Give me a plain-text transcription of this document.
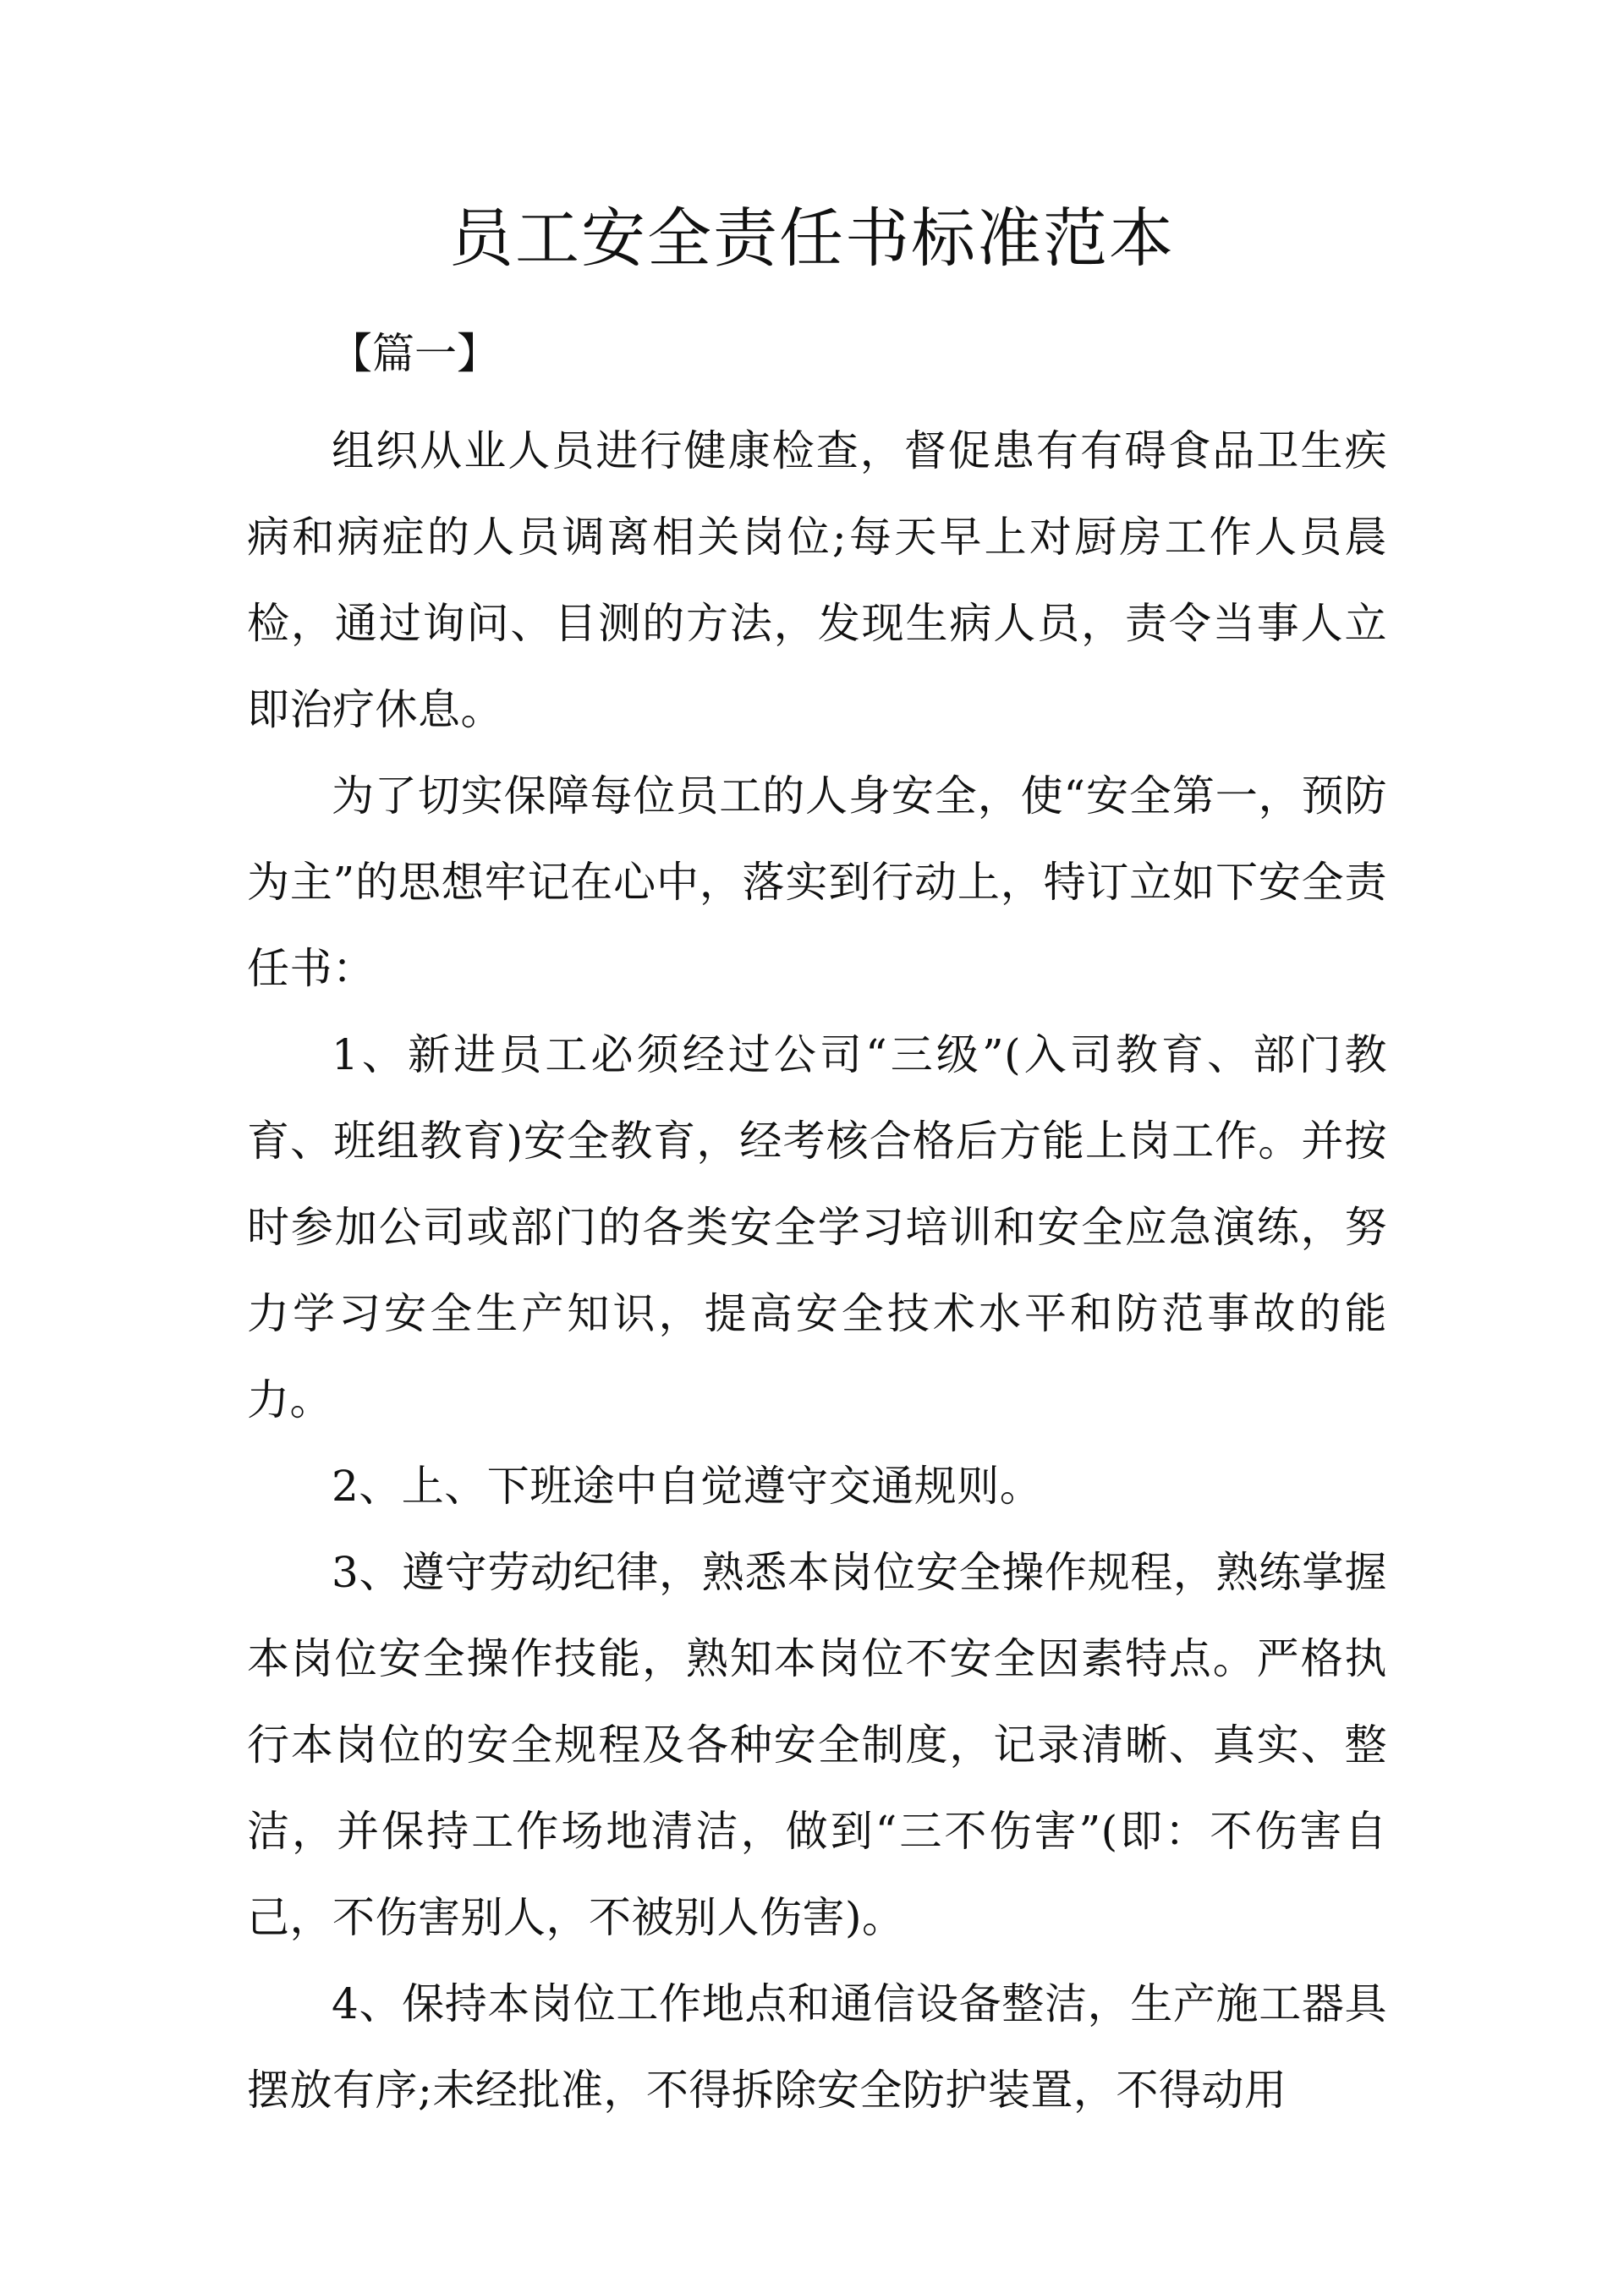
员工安全责任书标准范本
【篇一】

组织从业人员进行健康检查，督促患有有碍食品卫生疾病和病症的人员调离相关岗位;每天早上对厨房工作人员晨检，通过询问、目测的方法，发现生病人员，责令当事人立即治疗休息。

为了切实保障每位员工的人身安全，使“安全第一，预防为主”的思想牢记在心中，落实到行动上，特订立如下安全责任书：

1、新进员工必须经过公司“三级”(入司教育、部门教育、班组教育)安全教育，经考核合格后方能上岗工作。并按时参加公司或部门的各类安全学习培训和安全应急演练，努力学习安全生产知识，提高安全技术水平和防范事故的能力。

2、上、下班途中自觉遵守交通规则。

3、遵守劳动纪律，熟悉本岗位安全操作规程，熟练掌握本岗位安全操作技能，熟知本岗位不安全因素特点。严格执行本岗位的安全规程及各种安全制度，记录清晰、真实、整洁，并保持工作场地清洁，做到“三不伤害”(即：不伤害自己，不伤害别人，不被别人伤害)。

4、保持本岗位工作地点和通信设备整洁，生产施工器具摆放有序;未经批准，不得拆除安全防护装置，不得动用
